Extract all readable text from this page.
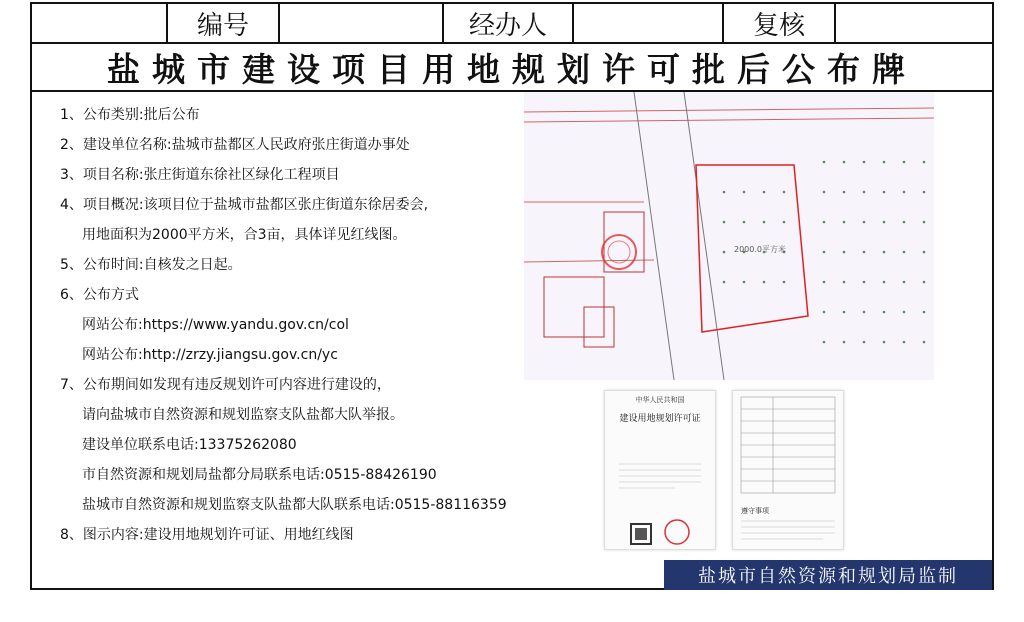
编号	经办人	复核
盐城市建设项目用地规划许可批后公布牌
1、公布类别:批后公布
2、建设单位名称:盐城市盐都区人民政府张庄街道办事处
3、项目名称:张庄街道东徐社区绿化工程项目
4、项目概况:该项目位于盐城市盐都区张庄街道东徐居委会,
用地面积为2000平方米，合3亩，具体详见红线图。
5、公布时间:自核发之日起。
6、公布方式
网站公布:https://www.yandu.gov.cn/col
网站公布:http://zrzy.jiangsu.gov.cn/yc
7、公布期间如发现有违反规划许可内容进行建设的，
请向盐城市自然资源和规划监察支队盐都大队举报。
建设单位联系电话:13375262080
市自然资源和规划局盐都分局联系电话:0515-88426190
盐城市自然资源和规划监察支队盐都大队联系电话:0515-88116359
8、图示内容:建设用地规划许可证、用地红线图
2000.0平方米
中华人民共和国
建设用地规划许可证
遵守事项
盐城市自然资源和规划局监制
